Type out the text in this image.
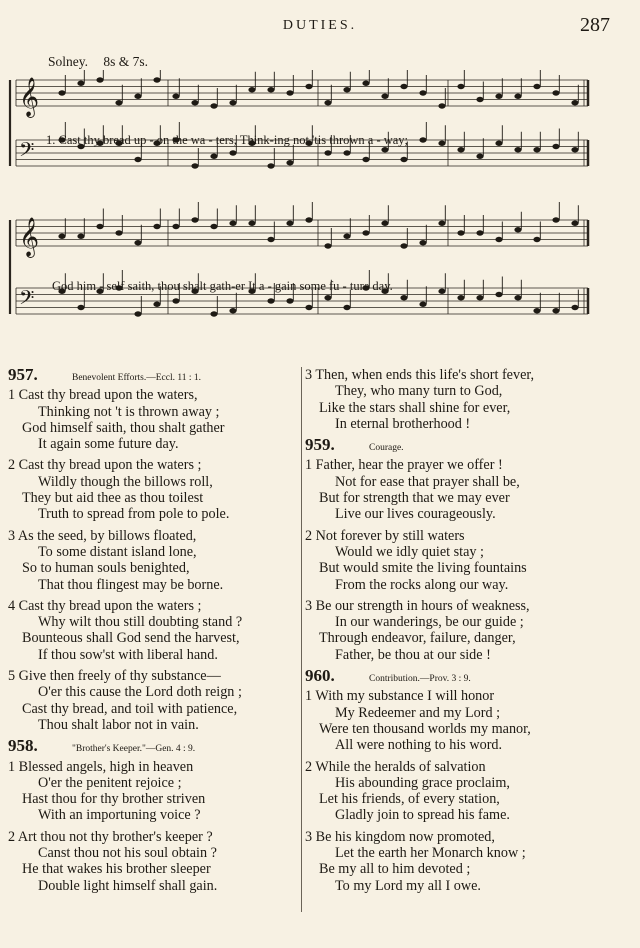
DUTIES.	287
Solney. 8s & 7s.
𝄞
𝄢
𝄞
𝄢
1. Cast thy bread up - on the wa - ters, Think-ing not 'tis thrown a - way;
God him - self saith, thou shalt gath-er It a - gain some fu - ture day.
957.	Benevolent Efforts.—Eccl. 11 : 1.
1 Cast thy bread upon the waters,
Thinking not 't is thrown away ;
God himself saith, thou shalt gather
It again some future day.
2 Cast thy bread upon the waters ;
Wildly though the billows roll,
They but aid thee as thou toilest
Truth to spread from pole to pole.
3 As the seed, by billows floated,
To some distant island lone,
So to human souls benighted,
That thou flingest may be borne.
4 Cast thy bread upon the waters ;
Why wilt thou still doubting stand ?
Bounteous shall God send the harvest,
If thou sow'st with liberal hand.
5 Give then freely of thy substance—
O'er this cause the Lord doth reign ;
Cast thy bread, and toil with patience,
Thou shalt labor not in vain.
958.	"Brother's Keeper."—Gen. 4 : 9.
1 Blessed angels, high in heaven
O'er the penitent rejoice ;
Hast thou for thy brother striven
With an importuning voice ?
2 Art thou not thy brother's keeper ?
Canst thou not his soul obtain ?
He that wakes his brother sleeper
Double light himself shall gain.
3 Then, when ends this life's short fever,
They, who many turn to God,
Like the stars shall shine for ever,
In eternal brotherhood !
959.	Courage.
1 Father, hear the prayer we offer !
Not for ease that prayer shall be,
But for strength that we may ever
Live our lives courageously.
2 Not forever by still waters
Would we idly quiet stay ;
But would smite the living fountains
From the rocks along our way.
3 Be our strength in hours of weakness,
In our wanderings, be our guide ;
Through endeavor, failure, danger,
Father, be thou at our side !
960.	Contribution.—Prov. 3 : 9.
1 With my substance I will honor
My Redeemer and my Lord ;
Were ten thousand worlds my manor,
All were nothing to his word.
2 While the heralds of salvation
His abounding grace proclaim,
Let his friends, of every station,
Gladly join to spread his fame.
3 Be his kingdom now promoted,
Let the earth her Monarch know ;
Be my all to him devoted ;
To my Lord my all I owe.
